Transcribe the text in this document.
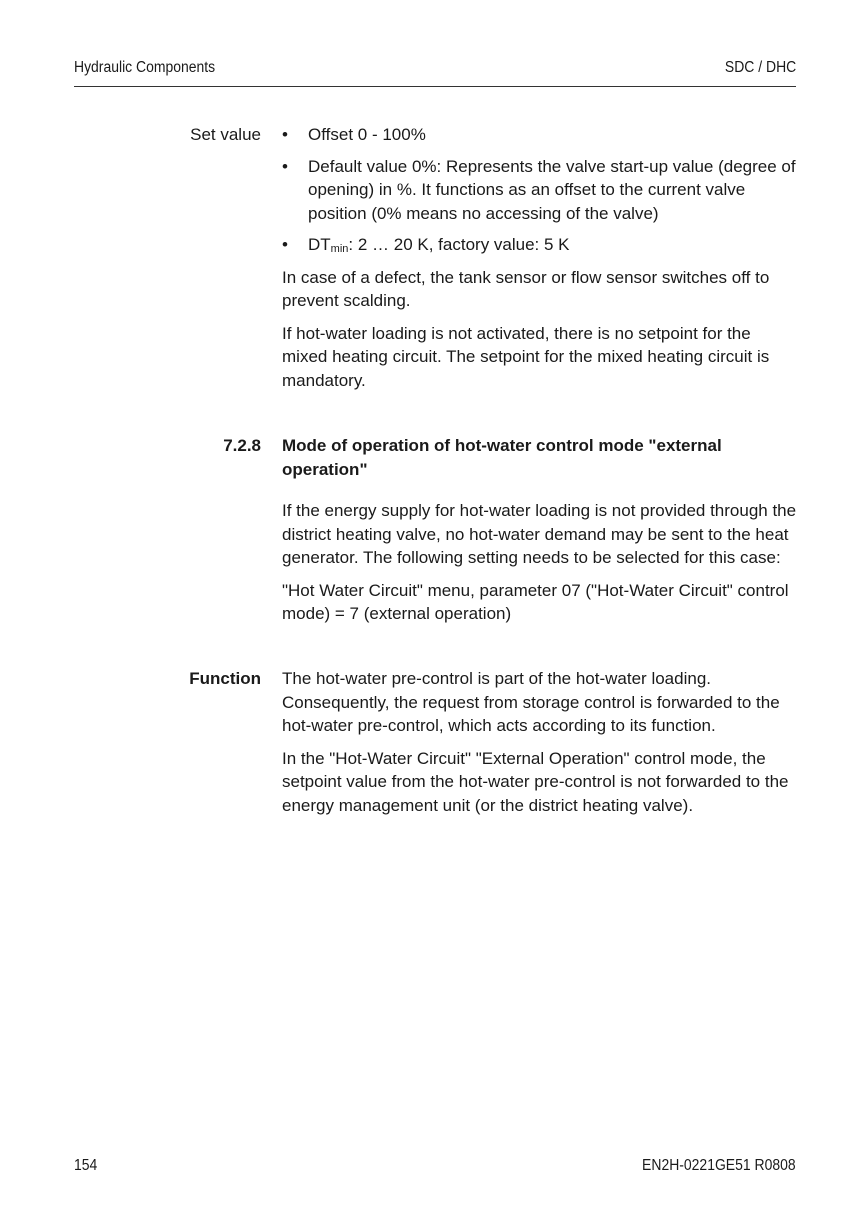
Hydraulic Components	SDC / DHC
Set value • Offset 0 - 100%
• Default value 0%: Represents the valve start-up value (degree of opening) in %. It functions as an offset to the current valve position (0% means no accessing of the valve)
• $DT_{min}$: 2 … 20 K, factory value: 5 K

In case of a defect, the tank sensor or flow sensor switches off to prevent scalding.

If hot-water loading is not activated, there is no setpoint for the mixed heating circuit. The setpoint for the mixed heating circuit is mandatory.

7.2.8 Mode of operation of hot-water control mode "external operation"

If the energy supply for hot-water loading is not provided through the district heating valve, no hot-water demand may be sent to the heat generator. The following setting needs to be selected for this case:

"Hot Water Circuit" menu, parameter 07 ("Hot-Water Circuit" control mode) = 7 (external operation)

Function The hot-water pre-control is part of the hot-water loading. Consequently, the request from storage control is forwarded to the hot-water pre-control, which acts according to its function.

In the "Hot-Water Circuit" "External Operation" control mode, the setpoint value from the hot-water pre-control is not forwarded to the energy management unit (or the district heating valve).

154	EN2H-0221GE51 R0808
